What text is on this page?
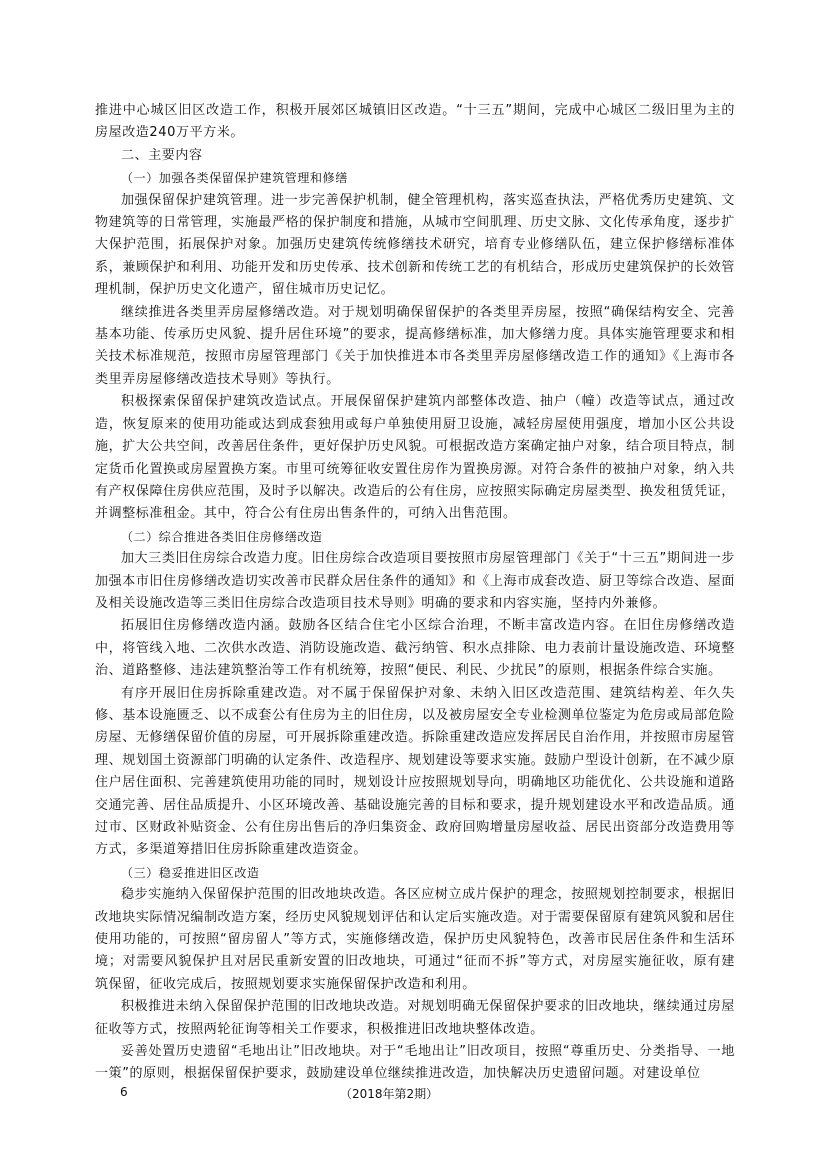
推进中心城区旧区改造工作，积极开展郊区城镇旧区改造。“十三五”期间，完成中心城区二级旧里为主的房屋改造240万平方米。

二、主要内容

（一）加强各类保留保护建筑管理和修缮

加强保留保护建筑管理。进一步完善保护机制，健全管理机构，落实巡查执法，严格优秀历史建筑、文物建筑等的日常管理，实施最严格的保护制度和措施，从城市空间肌理、历史文脉、文化传承角度，逐步扩大保护范围，拓展保护对象。加强历史建筑传统修缮技术研究，培育专业修缮队伍，建立保护修缮标准体系，兼顾保护和利用、功能开发和历史传承、技术创新和传统工艺的有机结合，形成历史建筑保护的长效管理机制，保护历史文化遗产，留住城市历史记忆。

继续推进各类里弄房屋修缮改造。对于规划明确保留保护的各类里弄房屋，按照“确保结构安全、完善基本功能、传承历史风貌、提升居住环境”的要求，提高修缮标准，加大修缮力度。具体实施管理要求和相关技术标准规范，按照市房屋管理部门《关于加快推进本市各类里弄房屋修缮改造工作的通知》《上海市各类里弄房屋修缮改造技术导则》等执行。

积极探索保留保护建筑改造试点。开展保留保护建筑内部整体改造、抽户（幢）改造等试点，通过改造，恢复原来的使用功能或达到成套独用或每户单独使用厨卫设施，减轻房屋使用强度，增加小区公共设施，扩大公共空间，改善居住条件，更好保护历史风貌。可根据改造方案确定抽户对象，结合项目特点，制定货币化置换或房屋置换方案。市里可统筹征收安置住房作为置换房源。对符合条件的被抽户对象，纳入共有产权保障住房供应范围，及时予以解决。改造后的公有住房，应按照实际确定房屋类型、换发租赁凭证，并调整标准租金。其中，符合公有住房出售条件的，可纳入出售范围。

（二）综合推进各类旧住房修缮改造

加大三类旧住房综合改造力度。旧住房综合改造项目要按照市房屋管理部门《关于“十三五”期间进一步加强本市旧住房修缮改造切实改善市民群众居住条件的通知》和《上海市成套改造、厨卫等综合改造、屋面及相关设施改造等三类旧住房综合改造项目技术导则》明确的要求和内容实施，坚持内外兼修。

拓展旧住房修缮改造内涵。鼓励各区结合住宅小区综合治理，不断丰富改造内容。在旧住房修缮改造中，将管线入地、二次供水改造、消防设施改造、截污纳管、积水点排除、电力表前计量设施改造、环境整治、道路整修、违法建筑整治等工作有机统筹，按照“便民、利民、少扰民”的原则，根据条件综合实施。

有序开展旧住房拆除重建改造。对不属于保留保护对象、未纳入旧区改造范围、建筑结构差、年久失修、基本设施匮乏、以不成套公有住房为主的旧住房，以及被房屋安全专业检测单位鉴定为危房或局部危险房屋、无修缮保留价值的房屋，可开展拆除重建改造。拆除重建改造应发挥居民自治作用，并按照市房屋管理、规划国土资源部门明确的认定条件、改造程序、规划建设等要求实施。鼓励户型设计创新，在不减少原住户居住面积、完善建筑使用功能的同时，规划设计应按照规划导向，明确地区功能优化、公共设施和道路交通完善、居住品质提升、小区环境改善、基础设施完善的目标和要求，提升规划建设水平和改造品质。通过市、区财政补贴资金、公有住房出售后的净归集资金、政府回购增量房屋收益、居民出资部分改造费用等方式，多渠道筹措旧住房拆除重建改造资金。

（三）稳妥推进旧区改造

稳步实施纳入保留保护范围的旧改地块改造。各区应树立成片保护的理念，按照规划控制要求，根据旧改地块实际情况编制改造方案，经历史风貌规划评估和认定后实施改造。对于需要保留原有建筑风貌和居住使用功能的，可按照“留房留人”等方式，实施修缮改造，保护历史风貌特色，改善市民居住条件和生活环境；对需要风貌保护且对居民重新安置的旧改地块，可通过“征而不拆”等方式，对房屋实施征收，原有建筑保留，征收完成后，按照规划要求实施保留保护改造和利用。

积极推进未纳入保留保护范围的旧改地块改造。对规划明确无保留保护要求的旧改地块，继续通过房屋征收等方式，按照两轮征询等相关工作要求，积极推进旧改地块整体改造。

妥善处置历史遗留“毛地出让”旧改地块。对于“毛地出让”旧改项目，按照“尊重历史、分类指导、一地一策”的原则，根据保留保护要求，鼓励建设单位继续推进改造，加快解决历史遗留问题。对建设单位

6	（2018年第2期）
